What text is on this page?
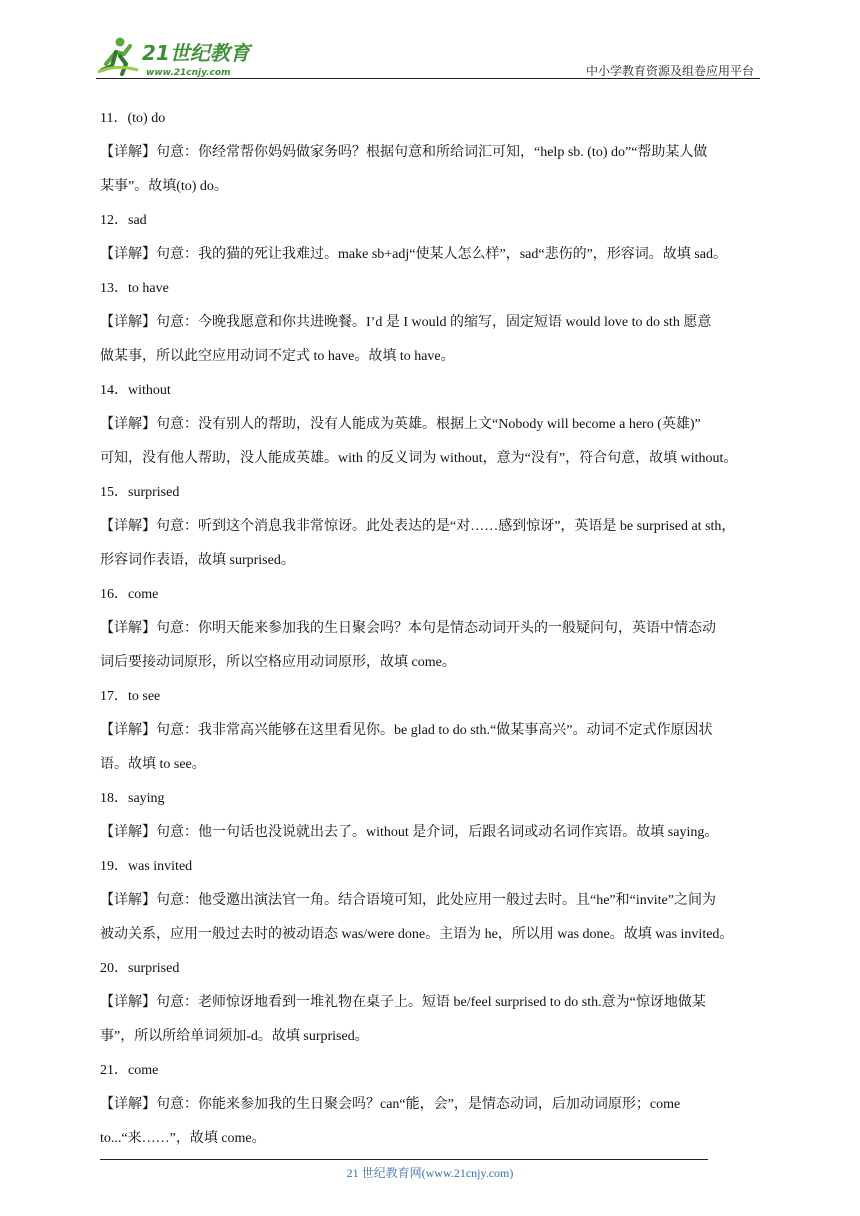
21世纪教育
www.21cnjy.com	中小学教育资源及组卷应用平台
11．(to) do
【详解】句意：你经常帮你妈妈做家务吗？根据句意和所给词汇可知，“help sb. (to) do”“帮助某人做
某事”。故填(to) do。
12．sad
【详解】句意：我的猫的死让我难过。make sb+adj“使某人怎么样”，sad“悲伤的”，形容词。故填 sad。
13．to have
【详解】句意：今晚我愿意和你共进晚餐。I’d 是 I would 的缩写，固定短语 would love to do sth 愿意
做某事，所以此空应用动词不定式 to have。故填 to have。
14．without
【详解】句意：没有别人的帮助，没有人能成为英雄。根据上文“Nobody will become a hero (英雄)”
可知，没有他人帮助，没人能成英雄。with 的反义词为 without，意为“没有”，符合句意，故填 without。
15．surprised
【详解】句意：听到这个消息我非常惊讶。此处表达的是“对……感到惊讶”，英语是 be surprised at sth，
形容词作表语，故填 surprised。
16．come
【详解】句意：你明天能来参加我的生日聚会吗？本句是情态动词开头的一般疑问句，英语中情态动
词后要接动词原形，所以空格应用动词原形，故填 come。
17．to see
【详解】句意：我非常高兴能够在这里看见你。be glad to do sth.“做某事高兴”。动词不定式作原因状
语。故填 to see。
18．saying
【详解】句意：他一句话也没说就出去了。without 是介词，后跟名词或动名词作宾语。故填 saying。
19．was invited
【详解】句意：他受邀出演法官一角。结合语境可知，此处应用一般过去时。且“he”和“invite”之间为
被动关系，应用一般过去时的被动语态 was/were done。主语为 he，所以用 was done。故填 was invited。
20．surprised
【详解】句意：老师惊讶地看到一堆礼物在桌子上。短语 be/feel surprised to do sth.意为“惊讶地做某
事”，所以所给单词须加-d。故填 surprised。
21．come
【详解】句意：你能来参加我的生日聚会吗？can“能，会”，是情态动词，后加动词原形；come
to...“来……”，故填 come。
21 世纪教育网(www.21cnjy.com)
